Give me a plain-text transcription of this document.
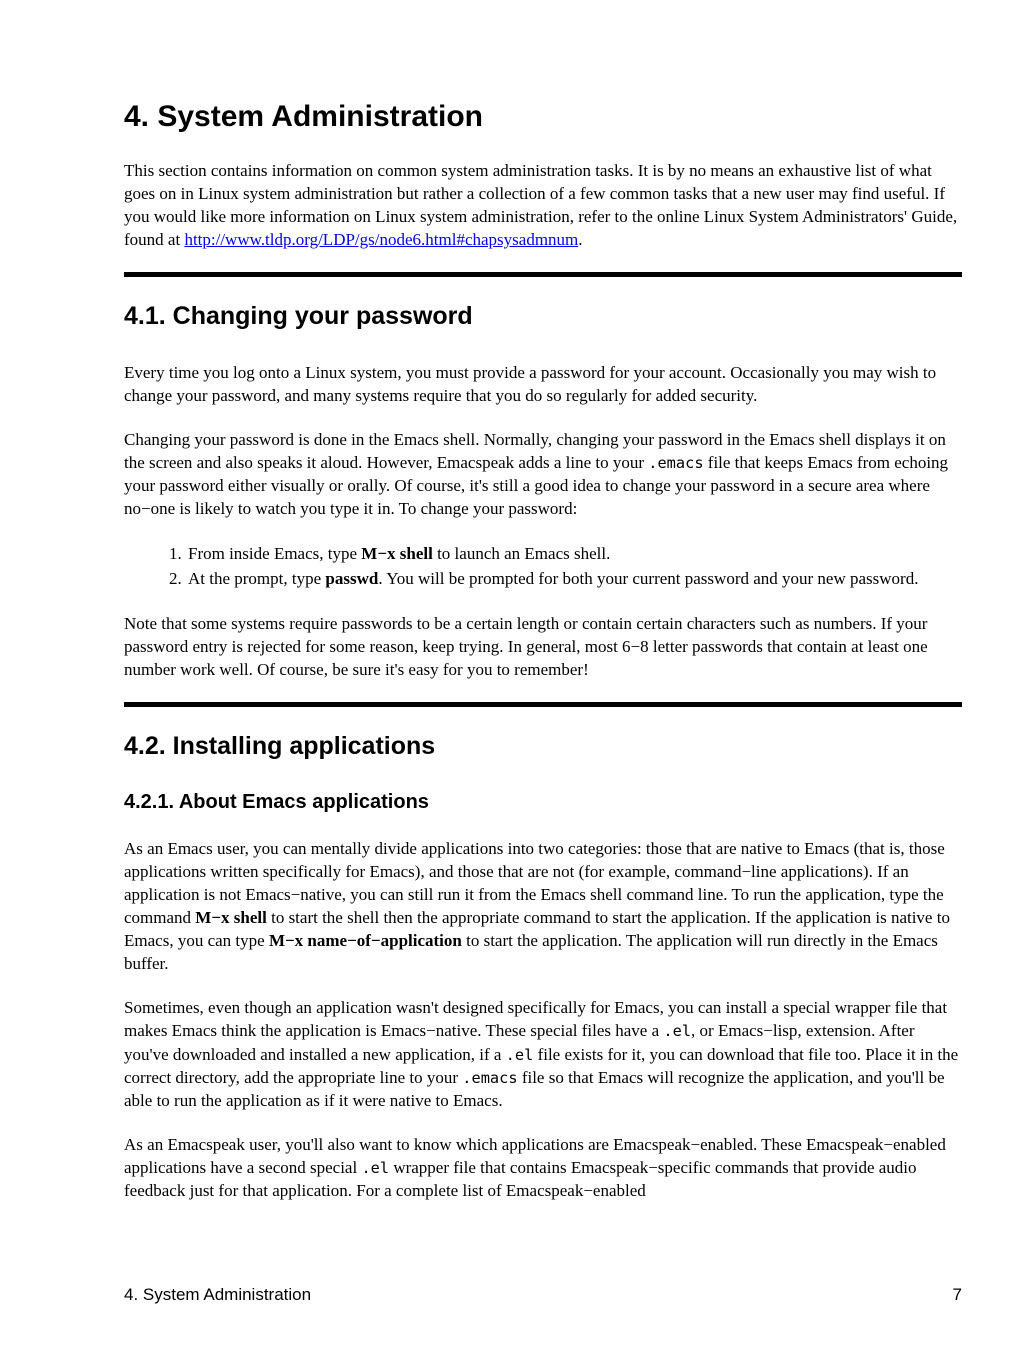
4. System Administration

This section contains information on common system administration tasks. It is by no means an exhaustive list of what goes on in Linux system administration but rather a collection of a few common tasks that a new user may find useful. If you would like more information on Linux system administration, refer to the online Linux System Administrators' Guide, found at http://www.tldp.org/LDP/gs/node6.html#chapsysadmnum.

4.1. Changing your password

Every time you log onto a Linux system, you must provide a password for your account. Occasionally you may wish to change your password, and many systems require that you do so regularly for added security.

Changing your password is done in the Emacs shell. Normally, changing your password in the Emacs shell displays it on the screen and also speaks it aloud. However, Emacspeak adds a line to your .emacs file that keeps Emacs from echoing your password either visually or orally. Of course, it's still a good idea to change your password in a secure area where no−one is likely to watch you type it in. To change your password:

1. From inside Emacs, type M−x shell to launch an Emacs shell.
2. At the prompt, type passwd. You will be prompted for both your current password and your new password.

Note that some systems require passwords to be a certain length or contain certain characters such as numbers. If your password entry is rejected for some reason, keep trying. In general, most 6−8 letter passwords that contain at least one number work well. Of course, be sure it's easy for you to remember!

4.2. Installing applications
4.2.1. About Emacs applications

As an Emacs user, you can mentally divide applications into two categories: those that are native to Emacs (that is, those applications written specifically for Emacs), and those that are not (for example, command−line applications). If an application is not Emacs−native, you can still run it from the Emacs shell command line. To run the application, type the command M−x shell to start the shell then the appropriate command to start the application. If the application is native to Emacs, you can type M−x name−of−application to start the application. The application will run directly in the Emacs buffer.

Sometimes, even though an application wasn't designed specifically for Emacs, you can install a special wrapper file that makes Emacs think the application is Emacs−native. These special files have a .el, or Emacs−lisp, extension. After you've downloaded and installed a new application, if a .el file exists for it, you can download that file too. Place it in the correct directory, add the appropriate line to your .emacs file so that Emacs will recognize the application, and you'll be able to run the application as if it were native to Emacs.

As an Emacspeak user, you'll also want to know which applications are Emacspeak−enabled. These Emacspeak−enabled applications have a second special .el wrapper file that contains Emacspeak−specific commands that provide audio feedback just for that application. For a complete list of Emacspeak−enabled

4. System Administration	7
